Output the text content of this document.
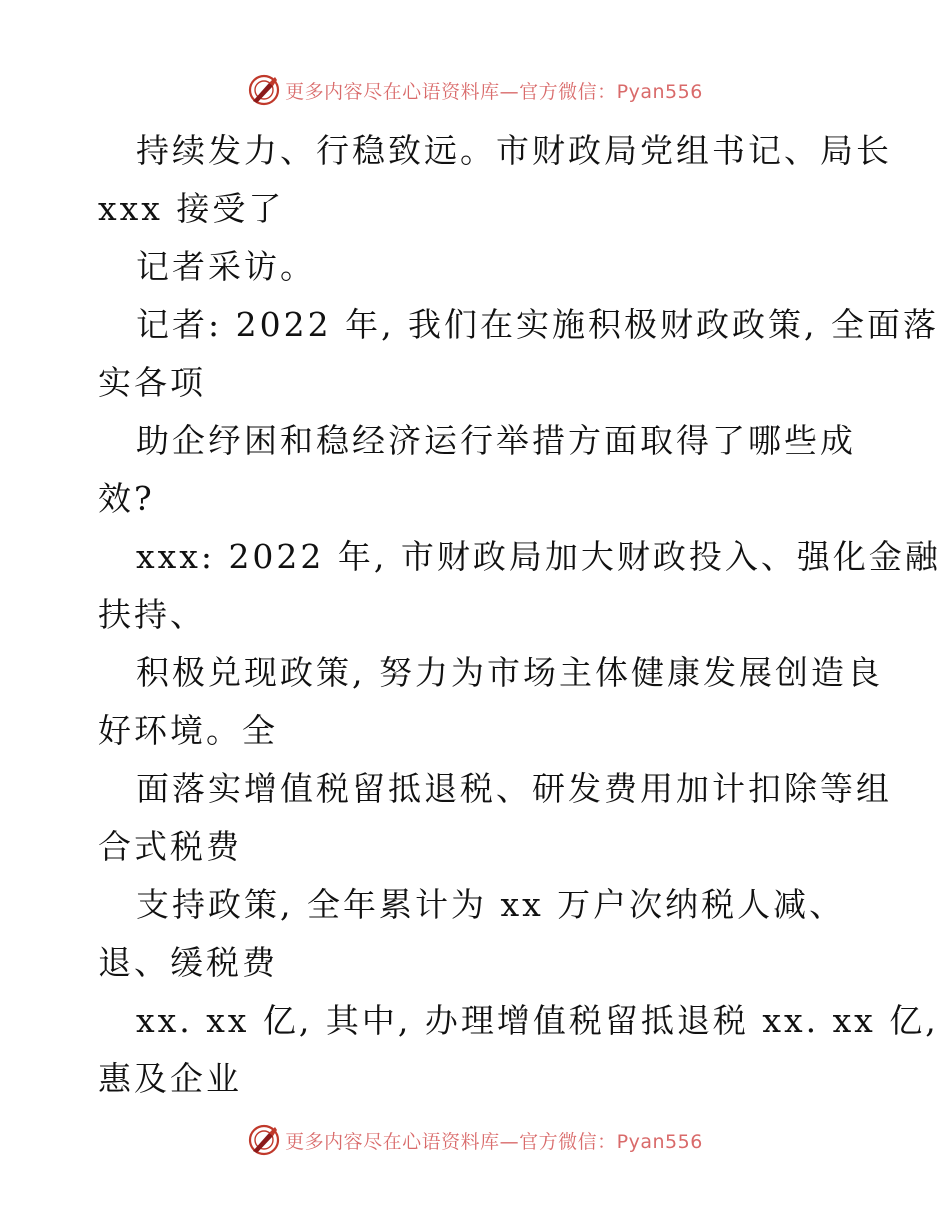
更多内容尽在心语资料库—官方微信：Pyan556
持续发力、行稳致远。市财政局党组书记、局长
xxx 接受了
记者采访。
记者: 2022 年, 我们在实施积极财政政策, 全面落
实各项
助企纾困和稳经济运行举措方面取得了哪些成
效?
xxx: 2022 年, 市财政局加大财政投入、强化金融
扶持、
积极兑现政策, 努力为市场主体健康发展创造良
好环境。全
面落实增值税留抵退税、研发费用加计扣除等组
合式税费
支持政策, 全年累计为 xx 万户次纳税人减、
退、缓税费
xx. xx 亿, 其中, 办理增值税留抵退税 xx. xx 亿,
惠及企业
更多内容尽在心语资料库—官方微信：Pyan556
